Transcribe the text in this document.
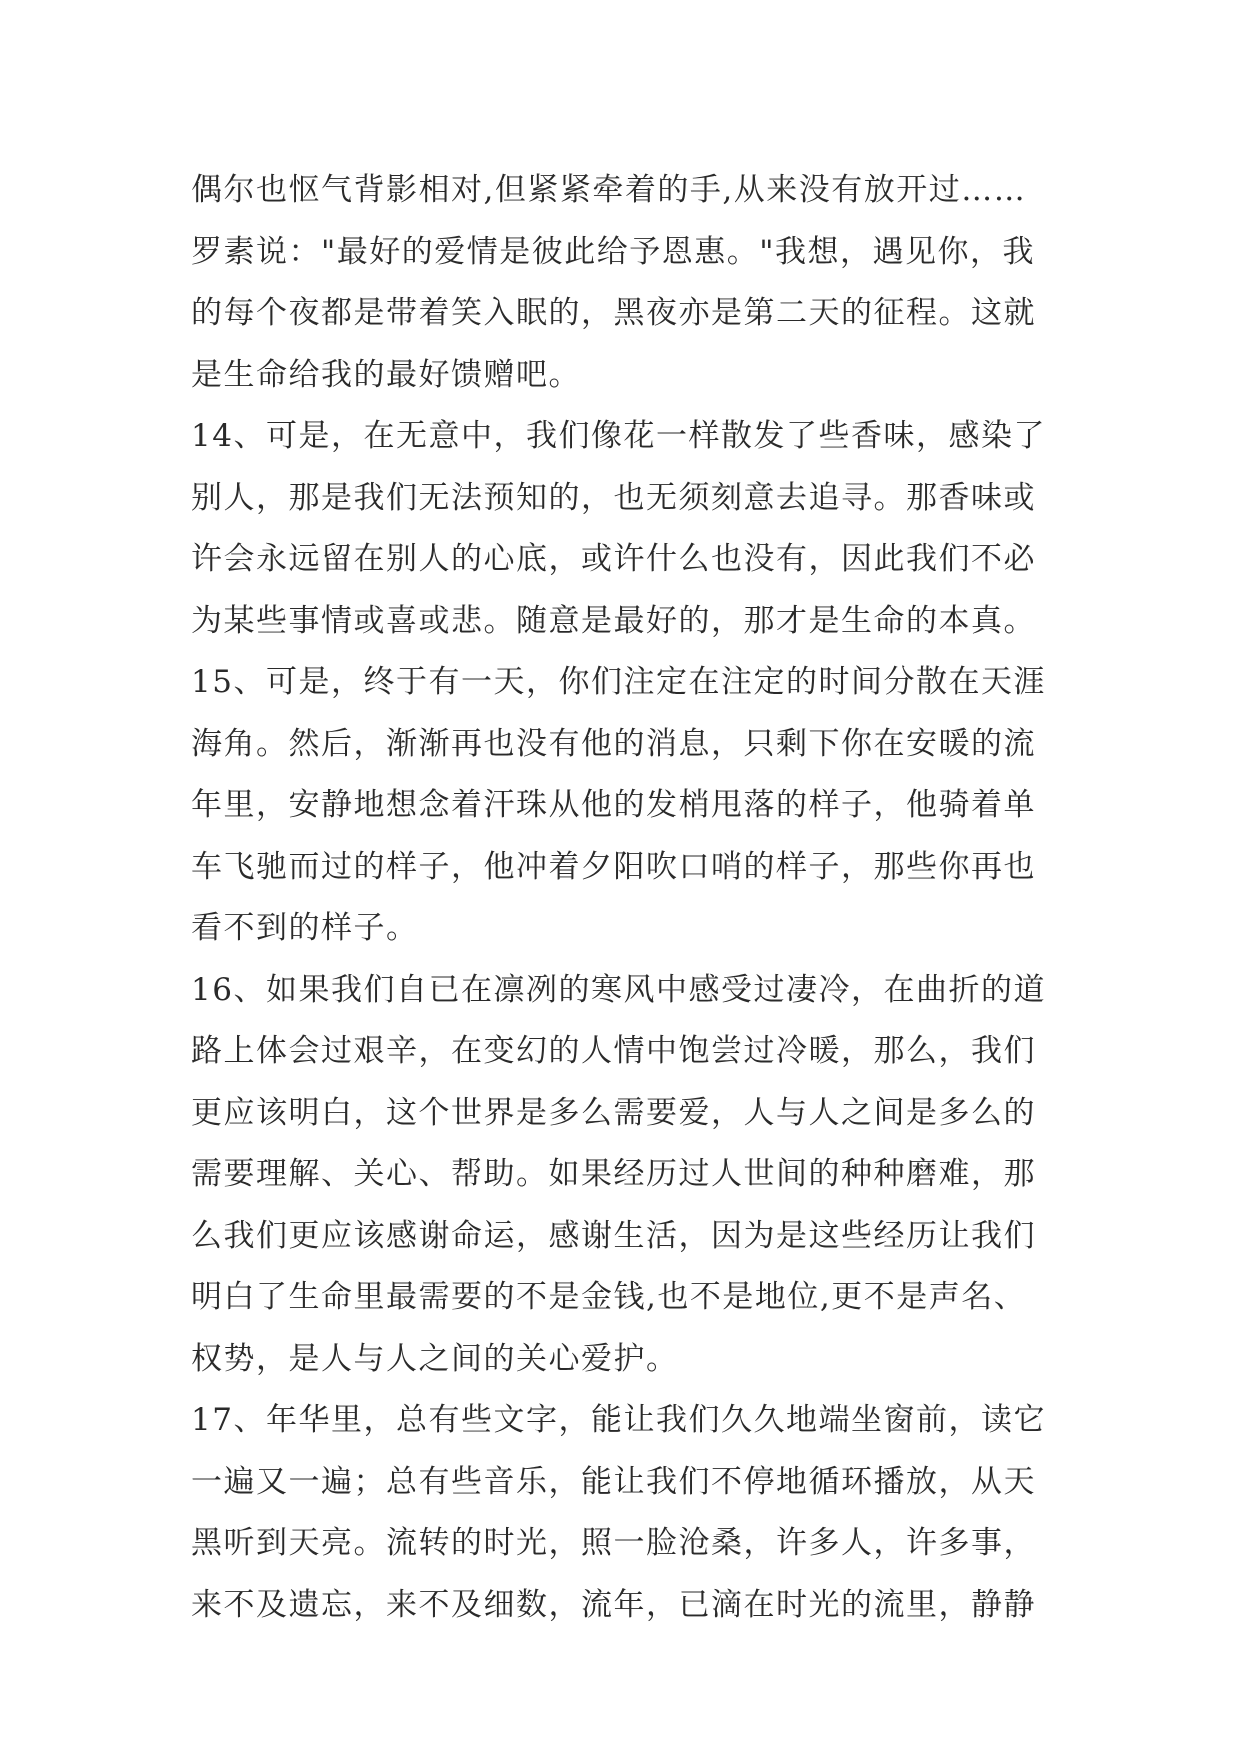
偶尔也怄气背影相对,但紧紧牵着的手,从来没有放开过……
罗素说："最好的爱情是彼此给予恩惠。"我想，遇见你，我
的每个夜都是带着笑入眠的，黑夜亦是第二天的征程。这就
是生命给我的最好馈赠吧。
14、可是，在无意中，我们像花一样散发了些香味，感染了
别人，那是我们无法预知的，也无须刻意去追寻。那香味或
许会永远留在别人的心底，或许什么也没有，因此我们不必
为某些事情或喜或悲。随意是最好的，那才是生命的本真。
15、可是，终于有一天，你们注定在注定的时间分散在天涯
海角。然后，渐渐再也没有他的消息，只剩下你在安暖的流
年里，安静地想念着汗珠从他的发梢甩落的样子，他骑着单
车飞驰而过的样子，他冲着夕阳吹口哨的样子，那些你再也
看不到的样子。
16、如果我们自已在凛冽的寒风中感受过凄冷，在曲折的道
路上体会过艰辛，在变幻的人情中饱尝过冷暖，那么，我们
更应该明白，这个世界是多么需要爱，人与人之间是多么的
需要理解、关心、帮助。如果经历过人世间的种种磨难，那
么我们更应该感谢命运，感谢生活，因为是这些经历让我们
明白了生命里最需要的不是金钱,也不是地位,更不是声名、
权势，是人与人之间的关心爱护。
17、年华里，总有些文字，能让我们久久地端坐窗前，读它
一遍又一遍；总有些音乐，能让我们不停地循环播放，从天
黑听到天亮。流转的时光，照一脸沧桑，许多人，许多事，
来不及遗忘，来不及细数，流年，已滴在时光的流里，静静
